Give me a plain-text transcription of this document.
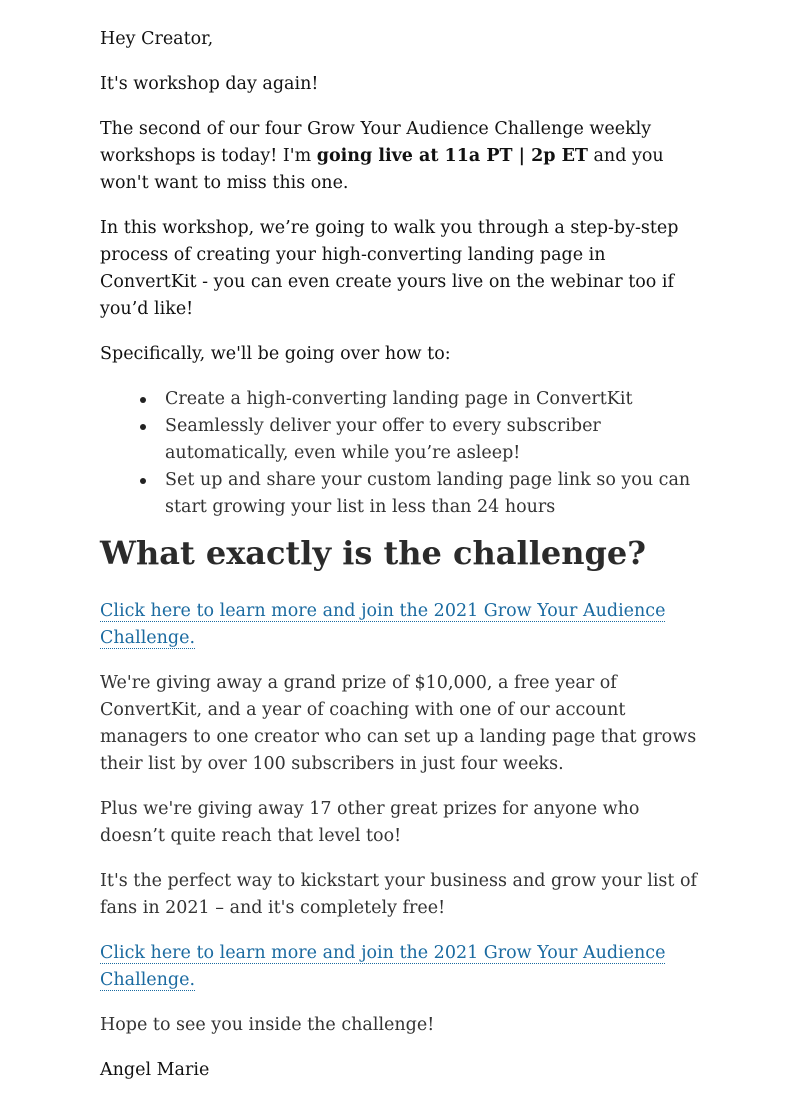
Hey Creator,

It's workshop day again!

The second of our four Grow Your Audience Challenge weekly workshops is today! I'm going live at 11a PT | 2p ET and you won't want to miss this one.

In this workshop, we’re going to walk you through a step-by-step process of creating your high-converting landing page in ConvertKit - you can even create yours live on the webinar too if you’d like!

Specifically, we'll be going over how to:

Create a high-converting landing page in ConvertKit
Seamlessly deliver your offer to every subscriber automatically, even while you’re asleep!
Set up and share your custom landing page link so you can start growing your list in less than 24 hours
What exactly is the challenge?

Click here to learn more and join the 2021 Grow Your Audience Challenge.

We're giving away a grand prize of $10,000, a free year of ConvertKit, and a year of coaching with one of our account managers to one creator who can set up a landing page that grows their list by over 100 subscribers in just four weeks.

Plus we're giving away 17 other great prizes for anyone who doesn’t quite reach that level too!

It's the perfect way to kickstart your business and grow your list of fans in 2021 – and it's completely free!

Click here to learn more and join the 2021 Grow Your Audience Challenge.

Hope to see you inside the challenge!

Angel Marie
